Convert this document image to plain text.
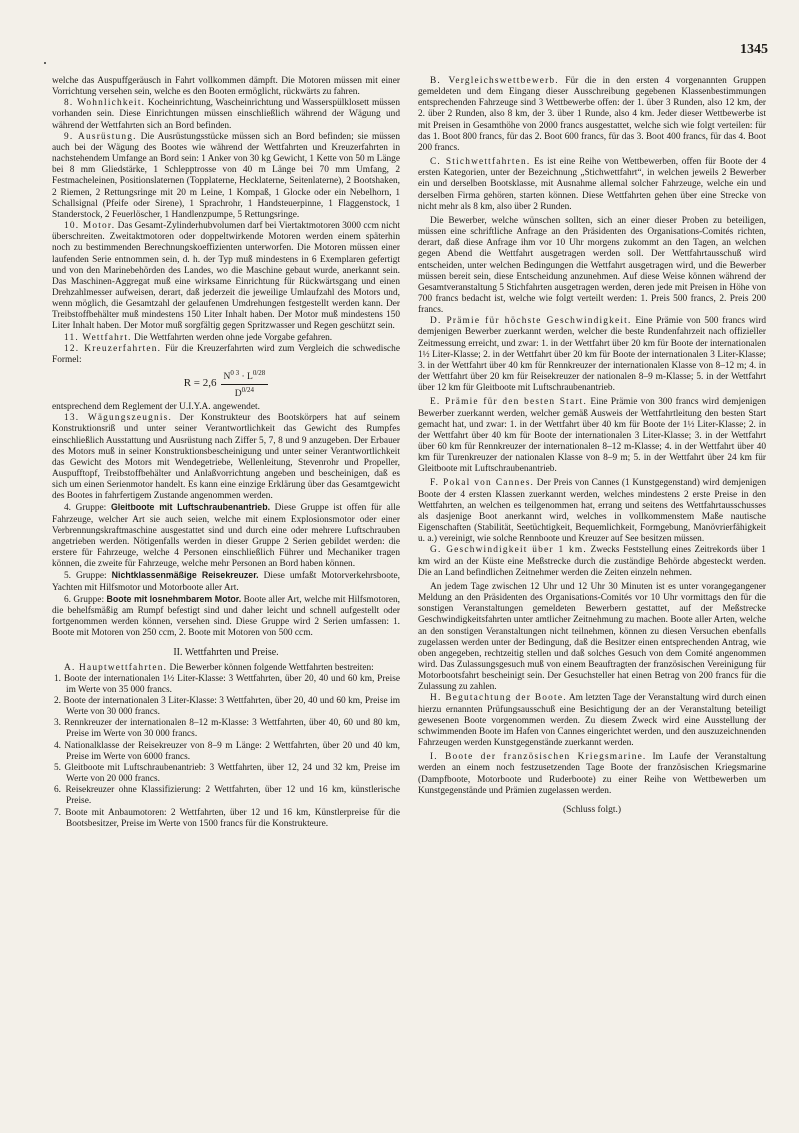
1345

welche das Auspuffgeräusch in Fahrt vollkommen dämpft. Die Motoren müssen mit einer Vorrichtung versehen sein, welche es den Booten ermöglicht, rückwärts zu fahren.

8. Wohnlichkeit. Kocheinrichtung, Wascheinrichtung und Wasserspülklosett müssen vorhanden sein. Diese Einrichtungen müssen einschließlich während der Wägung und während der Wettfahrten sich an Bord befinden.

9. Ausrüstung. Die Ausrüstungsstücke müssen sich an Bord befinden; sie müssen auch bei der Wägung des Bootes wie während der Wettfahrten und Kreuzerfahrten in nachstehendem Umfange an Bord sein: 1 Anker von 30 kg Gewicht, 1 Kette von 50 m Länge bei 8 mm Gliedstärke, 1 Schlepptrosse von 40 m Länge bei 70 mm Umfang, 2 Festmacheleinen, Positionslaternen (Topplaterne, Hecklaterne, Seitenlaterne), 2 Bootshaken, 2 Riemen, 2 Rettungsringe mit 20 m Leine, 1 Kompaß, 1 Glocke oder ein Nebelhorn, 1 Schallsignal (Pfeife oder Sirene), 1 Sprachrohr, 1 Handsteuerpinne, 1 Flaggenstock, 1 Standerstock, 2 Feuerlöscher, 1 Handlenzpumpe, 5 Rettungsringe.

10. Motor. Das Gesamt-Zylinderhubvolumen darf bei Viertaktmotoren 3000 ccm nicht überschreiten. Zweitaktmotoren oder doppeltwirkende Motoren werden einem späterhin noch zu bestimmenden Berechnungskoeffizienten unterworfen. Die Motoren müssen einer laufenden Serie entnommen sein, d. h. der Typ muß mindestens in 6 Exemplaren gefertigt und von den Marinebehörden des Landes, wo die Maschine gebaut wurde, anerkannt sein. Das Maschinen-Aggregat muß eine wirksame Einrichtung für Rückwärtsgang und einen Drehzahlmesser aufweisen, derart, daß jederzeit die jeweilige Umlaufzahl des Motors und, wenn möglich, die Gesamtzahl der gelaufenen Umdrehungen festgestellt werden kann. Der Treibstoffbehälter muß mindestens 150 Liter Inhalt haben. Der Motor muß mindestens 150 Liter Inhalt haben. Der Motor muß sorgfältig gegen Spritzwasser und Regen geschützt sein.

11. Wettfahrt. Die Wettfahrten werden ohne jede Vorgabe gefahren.

12. Kreuzerfahrten. Für die Kreuzerfahrten wird zum Vergleich die schwedische Formel:

$R = 2,6 \frac{N^{0 3} \cdot L^{0/28}}{D^{0/24}}$

entsprechend dem Reglement der U.I.Y.A. angewendet.

13. Wägungszeugnis. Der Konstrukteur des Bootskörpers hat auf seinem Konstruktionsriß und unter seiner Verantwortlichkeit das Gewicht des Rumpfes einschließlich Ausstattung und Ausrüstung nach Ziffer 5, 7, 8 und 9 anzugeben. Der Erbauer des Motors muß in seiner Konstruktionsbescheinigung und unter seiner Verantwortlichkeit das Gewicht des Motors mit Wendegetriebe, Wellenleitung, Stevenrohr und Propeller, Auspufftopf, Treibstoffbehälter und Anlaßvorrichtung angeben und bescheinigen, daß es sich um einen Serienmotor handelt. Es kann eine einzige Erklärung über das Gesamtgewicht des Bootes in fahrfertigem Zustande angenommen werden.

4. Gruppe: Gleitboote mit Luftschraubenantrieb. Diese Gruppe ist offen für alle Fahrzeuge, welcher Art sie auch seien, welche mit einem Explosionsmotor oder einer Verbrennungskraftmaschine ausgestattet sind und durch eine oder mehrere Luftschrauben angetrieben werden. Nötigenfalls werden in dieser Gruppe 2 Serien gebildet werden: die erstere für Fahrzeuge, welche 4 Personen einschließlich Führer und Mechaniker tragen können, die zweite für Fahrzeuge, welche mehr Personen an Bord haben können.

5. Gruppe: Nichtklassenmäßige Reisekreuzer. Diese umfaßt Motorverkehrsboote, Yachten mit Hilfsmotor und Motorboote aller Art.

6. Gruppe: Boote mit losnehmbarem Motor. Boote aller Art, welche mit Hilfsmotoren, die behelfsmäßig am Rumpf befestigt sind und daher leicht und schnell aufgestellt oder fortgenommen werden können, versehen sind. Diese Gruppe wird 2 Serien umfassen: 1. Boote mit Motoren von 250 ccm, 2. Boote mit Motoren von 500 ccm.

II. Wettfahrten und Preise.

A. Hauptwettfahrten. Die Bewerber können folgende Wettfahrten bestreiten:

1. Boote der internationalen 1½ Liter-Klasse: 3 Wettfahrten, über 20, 40 und 60 km, Preise im Werte von 35 000 francs.
2. Boote der internationalen 3 Liter-Klasse: 3 Wettfahrten, über 20, 40 und 60 km, Preise im Werte von 30 000 francs.
3. Rennkreuzer der internationalen 8–12 m-Klasse: 3 Wettfahrten, über 40, 60 und 80 km, Preise im Werte von 30 000 francs.
4. Nationalklasse der Reisekreuzer von 8–9 m Länge: 2 Wettfahrten, über 20 und 40 km, Preise im Werte von 6000 francs.
5. Gleitboote mit Luftschraubenantrieb: 3 Wettfahrten, über 12, 24 und 32 km, Preise im Werte von 20 000 francs.
6. Reisekreuzer ohne Klassifizierung: 2 Wettfahrten, über 12 und 16 km, künstlerische Preise.
7. Boote mit Anbaumotoren: 2 Wettfahrten, über 12 und 16 km, Künstlerpreise für die Bootsbesitzer, Preise im Werte von 1500 francs für die Konstrukteure.

B. Vergleichswettbewerb. Für die in den ersten 4 vorgenannten Gruppen gemeldeten und dem Eingang dieser Ausschreibung gegebenen Klassenbestimmungen entsprechenden Fahrzeuge sind 3 Wettbewerbe offen: der 1. über 3 Runden, also 12 km, der 2. über 2 Runden, also 8 km, der 3. über 1 Runde, also 4 km. Jeder dieser Wettbewerbe ist mit Preisen in Gesamthöhe von 2000 francs ausgestattet, welche sich wie folgt verteilen: für das 1. Boot 800 francs, für das 2. Boot 600 francs, für das 3. Boot 400 francs, für das 4. Boot 200 francs.

C. Stichwettfahrten. Es ist eine Reihe von Wettbewerben, offen für Boote der 4 ersten Kategorien, unter der Bezeichnung „Stichwettfahrt“, in welchen jeweils 2 Bewerber ein und derselben Bootsklasse, mit Ausnahme allemal solcher Fahrzeuge, welche ein und derselben Firma gehören, starten können. Diese Wettfahrten gehen über eine Strecke von nicht mehr als 8 km, also über 2 Runden.

Die Bewerber, welche wünschen sollten, sich an einer dieser Proben zu beteiligen, müssen eine schriftliche Anfrage an den Präsidenten des Organisations-Comités richten, derart, daß diese Anfrage ihm vor 10 Uhr morgens zukommt an den Tagen, an welchen gegen Abend die Wettfahrt ausgetragen werden soll. Der Wettfahrtausschuß wird entscheiden, unter welchen Bedingungen die Wettfahrt ausgetragen wird, und die Bewerber müssen bereit sein, diese Entscheidung anzunehmen. Auf diese Weise können während der Gesamtveranstaltung 5 Stichfahrten ausgetragen werden, deren jede mit Preisen in Höhe von 700 francs bedacht ist, welche wie folgt verteilt werden: 1. Preis 500 francs, 2. Preis 200 francs.

D. Prämie für höchste Geschwindigkeit. Eine Prämie von 500 francs wird demjenigen Bewerber zuerkannt werden, welcher die beste Rundenfahrzeit nach offizieller Zeitmessung erreicht, und zwar: 1. in der Wettfahrt über 20 km für Boote der internationalen 1½ Liter-Klasse; 2. in der Wettfahrt über 20 km für Boote der internationalen 3 Liter-Klasse; 3. in der Wettfahrt über 40 km für Rennkreuzer der internationalen Klasse von 8–12 m; 4. in der Wettfahrt über 20 km für Reisekreuzer der nationalen 8–9 m-Klasse; 5. in der Wettfahrt über 12 km für Gleitboote mit Luftschraubenantrieb.

E. Prämie für den besten Start. Eine Prämie von 300 francs wird demjenigen Bewerber zuerkannt werden, welcher gemäß Ausweis der Wettfahrtleitung den besten Start gemacht hat, und zwar: 1. in der Wettfahrt über 40 km für Boote der 1½ Liter-Klasse; 2. in der Wettfahrt über 40 km für Boote der internationalen 3 Liter-Klasse; 3. in der Wettfahrt über 60 km für Rennkreuzer der internationalen 8–12 m-Klasse; 4. in der Wettfahrt über 40 km für Turenkreuzer der nationalen Klasse von 8–9 m; 5. in der Wettfahrt über 24 km für Gleitboote mit Luftschraubenantrieb.

F. Pokal von Cannes. Der Preis von Cannes (1 Kunstgegenstand) wird demjenigen Boote der 4 ersten Klassen zuerkannt werden, welches mindestens 2 erste Preise in den Wettfahrten, an welchen es teilgenommen hat, errang und seitens des Wettfahrtausschusses als dasjenige Boot anerkannt wird, welches in vollkommenstem Maße nautische Eigenschaften (Stabilität, Seetüchtigkeit, Bequemlichkeit, Formgebung, Manövrierfähigkeit u. a.) vereinigt, wie solche Rennboote und Kreuzer auf See besitzen müssen.

G. Geschwindigkeit über 1 km. Zwecks Feststellung eines Zeitrekords über 1 km wird an der Küste eine Meßstrecke durch die zuständige Behörde abgesteckt werden. Die an Land befindlichen Zeitnehmer werden die Zeiten einzeln nehmen.

An jedem Tage zwischen 12 Uhr und 12 Uhr 30 Minuten ist es unter vorangegangener Meldung an den Präsidenten des Organisations-Comités vor 10 Uhr vormittags den für die sonstigen Veranstaltungen gemeldeten Bewerbern gestattet, auf der Meßstrecke Geschwindigkeitsfahrten unter amtlicher Zeitnehmung zu machen. Boote aller Arten, welche an den sonstigen Veranstaltungen nicht teilnehmen, können zu diesen Versuchen ebenfalls zugelassen werden unter der Bedingung, daß die Besitzer einen entsprechenden Antrag, wie oben angegeben, rechtzeitig stellen und daß solches Gesuch von dem Comité angenommen wird. Das Zulassungsgesuch muß von einem Beauftragten der französischen Vereinigung für Motorbootsfahrt bescheinigt sein. Der Gesuchsteller hat einen Betrag von 200 francs für die Zulassung zu zahlen.

H. Begutachtung der Boote. Am letzten Tage der Veranstaltung wird durch einen hierzu ernannten Prüfungsausschuß eine Besichtigung der an der Veranstaltung beteiligt gewesenen Boote vorgenommen werden. Zu diesem Zweck wird eine Ausstellung der schwimmenden Boote im Hafen von Cannes eingerichtet werden, und den auszuzeichnenden Fahrzeugen werden Kunstgegenstände zuerkannt werden.

I. Boote der französischen Kriegsmarine. Im Laufe der Veranstaltung werden an einem noch festzusetzenden Tage Boote der französischen Kriegsmarine (Dampfboote, Motorboote und Ruderboote) zu einer Reihe von Wettbewerben um Kunstgegenstände und Prämien zugelassen werden.

(Schluss folgt.)
